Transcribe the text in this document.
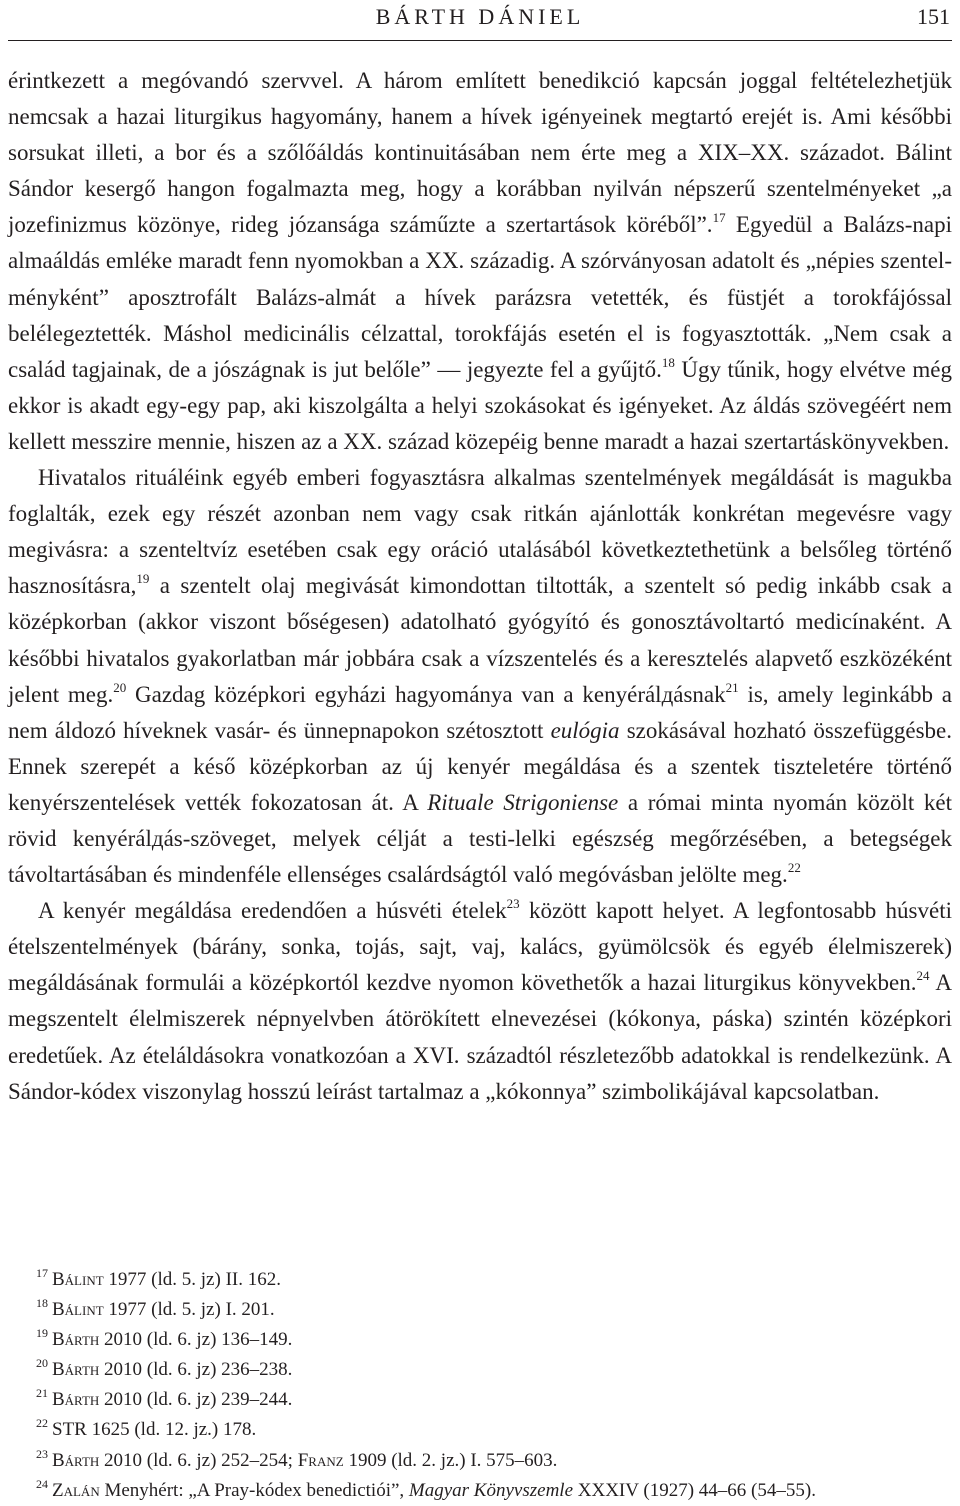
BÁRTH DÁNIEL	151

érintkezett a megóvandó szervvel. A három említett benedikció kapcsán joggal feltételezhetjük nemcsak a hazai liturgikus hagyomány, hanem a hívek igényeinek megtartó erejét is. Ami későbbi sorsukat illeti, a bor és a szőlőáldás kontinuitásában nem érte meg a XIX–XX. századot. Bálint Sándor kesergő hangon fogalmazta meg, hogy a korábban nyilván népszerű szentelményeket „a jozefinizmus közönye, rideg józansága száműzte a szertartások köréből”.$^{17}$ Egyedül a Balázs-napi almaáldás emléke maradt fenn nyomokban a XX. századig. A szórványosan adatolt és „népies szentelményként” aposztrofált Balázs-almát a hívek parázsra vetették, és füstjét a torokfájóssal belélegeztették. Máshol medicinális célzattal, torokfájás esetén el is fogyasztották. „Nem csak a család tagjainak, de a jószágnak is jut belőle” — jegyezte fel a gyűjtő.$^{18}$ Úgy tűnik, hogy elvétve még ekkor is akadt egy-egy pap, aki kiszolgálta a helyi szokásokat és igényeket. Az áldás szövegéért nem kellett messzire mennie, hiszen az a XX. század közepéig benne maradt a hazai szertartáskönyvekben.

Hivatalos rituáléink egyéb emberi fogyasztásra alkalmas szentelmények megáldását is magukba foglalták, ezek egy részét azonban nem vagy csak ritkán ajánlották konkrétan megevésre vagy megivásra: a szenteltvíz esetében csak egy oráció utalásából következtethetünk a belsőleg történő hasznosításra,$^{19}$ a szentelt olaj megivását kimondottan tiltották, a szentelt só pedig inkább csak a középkorban (akkor viszont bőségesen) adatolható gyógyító és gonosztávoltartó medicínaként. A későbbi hivatalos gyakorlatban már jobbára csak a vízszentelés és a keresztelés alapvető eszközéként jelent meg.$^{20}$ Gazdag középkori egyházi hagyománya van a kenyérálдásnak$^{21}$ is, amely leginkább a nem áldozó híveknek vasár- és ünnepnapokon szétosztott eulógia szokásával hozható összefüggésbe. Ennek szerepét a késő középkorban az új kenyér megáldása és a szentek tiszteletére történő kenyérszentelések vették fokozatosan át. A Rituale Strigoniense a római minta nyomán közölt két rövid kenyérálдás-szöveget, melyek célját a testi-lelki egészség megőrzésében, a betegségek távoltartásában és mindenféle ellenséges csalárdságtól való megóvásban jelölte meg.$^{22}$

A kenyér megáldása eredendően a húsvéti ételek$^{23}$ között kapott helyet. A legfontosabb húsvéti ételszentelmények (bárány, sonka, tojás, sajt, vaj, kalács, gyümölcsök és egyéb élelmiszerek) megáldásának formulái a középkortól kezdve nyomon követhetők a hazai liturgikus könyvekben.$^{24}$ A megszentelt élelmiszerek népnyelvben átörökített elnevezései (kókonya, páska) szintén középkori eredetűek. Az ételáldásokra vonatkozóan a XVI. századtól részletezőbb adatokkal is rendelkezünk. A Sándor-kódex viszonylag hosszú leírást tartalmaz a „kókonnya” szimbolikájával kapcsolatban.

$^{17}$ Bálint 1977 (ld. 5. jz) II. 162.
$^{18}$ Bálint 1977 (ld. 5. jz) I. 201.
$^{19}$ Bárth 2010 (ld. 6. jz) 136–149.
$^{20}$ Bárth 2010 (ld. 6. jz) 236–238.
$^{21}$ Bárth 2010 (ld. 6. jz) 239–244.
$^{22}$ STR 1625 (ld. 12. jz.) 178.
$^{23}$ Bárth 2010 (ld. 6. jz) 252–254; Franz 1909 (ld. 2. jz.) I. 575–603.
$^{24}$ Zalán Menyhért: „A Pray-kódex benedictiói”, Magyar Könyvszemle XXXIV (1927) 44–66 (54–55).
